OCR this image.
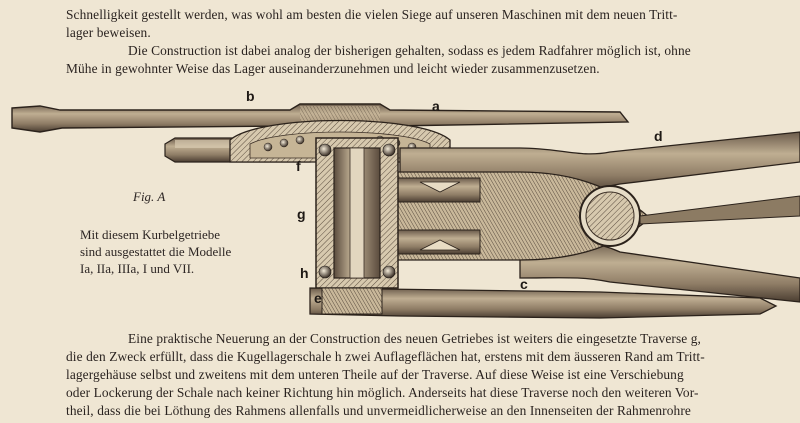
Schnelligkeit gestellt werden, was wohl am besten die vielen Siege auf unseren Maschinen mit dem neuen Tritt-
lager beweisen.
Die Construction ist dabei analog der bisherigen gehalten, sodass es jedem Radfahrer möglich ist, ohne
Mühe in gewohnter Weise das Lager auseinanderzunehmen und leicht wieder zusammenzusetzen.
b
a
d
f
g
h
c
e
Fig. A
Mit diesem Kurbelgetriebe
sind ausgestattet die Modelle
Ia, IIa, IIIa, I und VII.
Eine praktische Neuerung an der Construction des neuen Getriebes ist weiters die eingesetzte Traverse g,
die den Zweck erfüllt, dass die Kugellagerschale h zwei Auflageflächen hat, erstens mit dem äusseren Rand am Tritt-
lagergehäuse selbst und zweitens mit dem unteren Theile auf der Traverse. Auf diese Weise ist eine Verschiebung
oder Lockerung der Schale nach keiner Richtung hin möglich. Anderseits hat diese Traverse noch den weiteren Vor-
theil, dass die bei Löthung des Rahmens allenfalls und unvermeidlicherweise an den Innenseiten der Rahmenrohre
